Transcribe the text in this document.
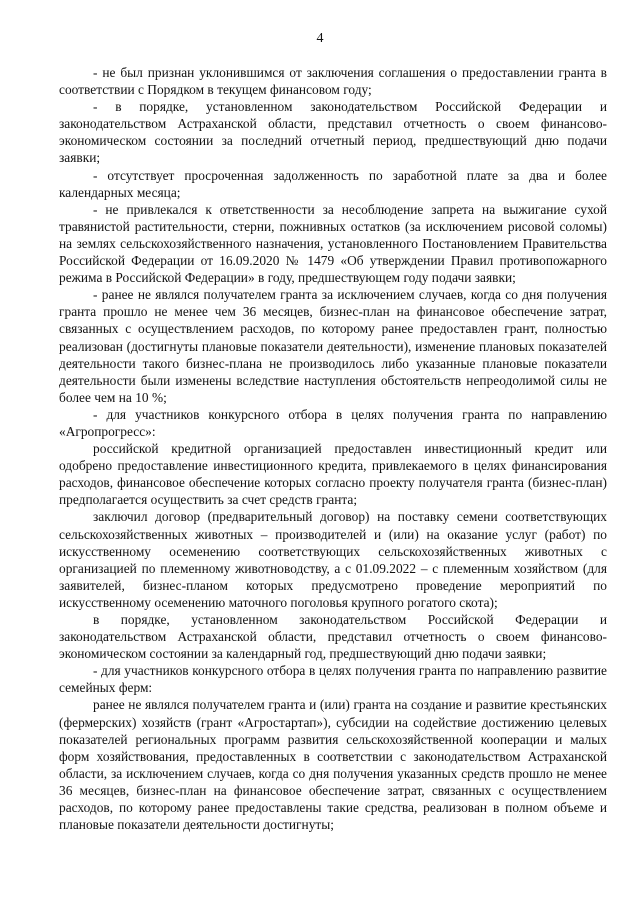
4

- не был признан уклонившимся от заключения соглашения о предоставлении гранта в соответствии с Порядком в текущем финансовом году;

- в порядке, установленном законодательством Российской Федерации и законодательством Астраханской области, представил отчетность о своем финансово-экономическом состоянии за последний отчетный период, предшествующий дню подачи заявки;

- отсутствует просроченная задолженность по заработной плате за два и более календарных месяца;

- не привлекался к ответственности за несоблюдение запрета на выжигание сухой травянистой растительности, стерни, пожнивных остатков (за исключением рисовой соломы) на землях сельскохозяйственного назначения, установленного Постановлением Правительства Российской Федерации от 16.09.2020 № 1479 «Об утверждении Правил противопожарного режима в Российской Федерации» в году, предшествующем году подачи заявки;

- ранее не являлся получателем гранта за исключением случаев, когда со дня получения гранта прошло не менее чем 36 месяцев, бизнес-план на финансовое обеспечение затрат, связанных с осуществлением расходов, по которому ранее предоставлен грант, полностью реализован (достигнуты плановые показатели деятельности), изменение плановых показателей деятельности такого бизнес-плана не производилось либо указанные плановые показатели деятельности были изменены вследствие наступления обстоятельств непреодолимой силы не более чем на 10 %;

- для участников конкурсного отбора в целях получения гранта по направлению «Агропрогресс»:

российской кредитной организацией предоставлен инвестиционный кредит или одобрено предоставление инвестиционного кредита, привлекаемого в целях финансирования расходов, финансовое обеспечение которых согласно проекту получателя гранта (бизнес-план) предполагается осуществить за счет средств гранта;

заключил договор (предварительный договор) на поставку семени соответствующих сельскохозяйственных животных – производителей и (или) на оказание услуг (работ) по искусственному осеменению соответствующих сельскохозяйственных животных с организацией по племенному животноводству, а с 01.09.2022 – с племенным хозяйством (для заявителей, бизнес-планом которых предусмотрено проведение мероприятий по искусственному осеменению маточного поголовья крупного рогатого скота);

в порядке, установленном законодательством Российской Федерации и законодательством Астраханской области, представил отчетность о своем финансово-экономическом состоянии за календарный год, предшествующий дню подачи заявки;

- для участников конкурсного отбора в целях получения гранта по направлению развитие семейных ферм:

ранее не являлся получателем гранта и (или) гранта на создание и развитие крестьянских (фермерских) хозяйств (грант «Агростартап»), субсидии на содействие достижению целевых показателей региональных программ развития сельскохозяйственной кооперации и малых форм хозяйствования, предоставленных в соответствии с законодательством Астраханской области, за исключением случаев, когда со дня получения указанных средств прошло не менее 36 месяцев, бизнес-план на финансовое обеспечение затрат, связанных с осуществлением расходов, по которому ранее предоставлены такие средства, реализован в полном объеме и плановые показатели деятельности достигнуты;
